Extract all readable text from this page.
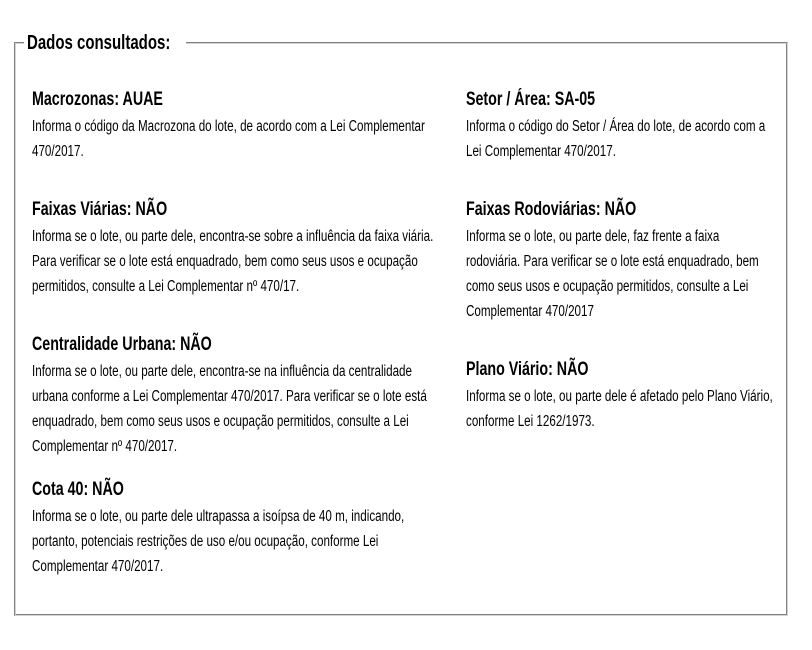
Dados consultados:
Macrozonas: AUAE
Informa o código da Macrozona do lote, de acordo com a Lei Complementar
470/2017.
Faixas Viárias: NÃO
Informa se o lote, ou parte dele, encontra-se sobre a influência da faixa viária.
Para verificar se o lote está enquadrado, bem como seus usos e ocupação
permitidos, consulte a Lei Complementar nº 470/17.
Centralidade Urbana: NÃO
Informa se o lote, ou parte dele, encontra-se na influência da centralidade
urbana conforme a Lei Complementar 470/2017. Para verificar se o lote está
enquadrado, bem como seus usos e ocupação permitidos, consulte a Lei
Complementar nº 470/2017.
Cota 40: NÃO
Informa se o lote, ou parte dele ultrapassa a isoípsa de 40 m, indicando,
portanto, potenciais restrições de uso e/ou ocupação, conforme Lei
Complementar 470/2017.
Setor / Área: SA-05
Informa o código do Setor / Área do lote, de acordo com a
Lei Complementar 470/2017.
Faixas Rodoviárias: NÃO
Informa se o lote, ou parte dele, faz frente a faixa
rodoviária. Para verificar se o lote está enquadrado, bem
como seus usos e ocupação permitidos, consulte a Lei
Complementar 470/2017
Plano Viário: NÃO
Informa se o lote, ou parte dele é afetado pelo Plano Viário,
conforme Lei 1262/1973.
